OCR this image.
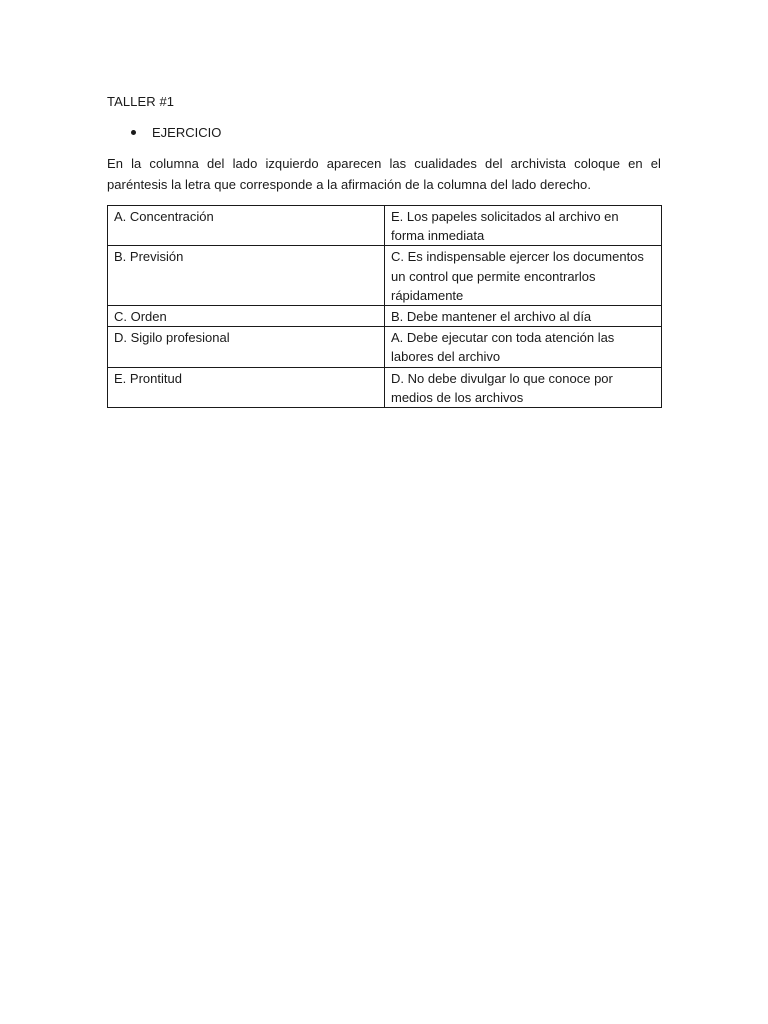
TALLER #1
EJERCICIO
En la columna del lado izquierdo aparecen las cualidades del archivista coloque en el paréntesis la letra que corresponde a la afirmación de la columna del lado derecho.
A. Concentración	E. Los papeles solicitados al archivo en forma inmediata
B. Previsión	C. Es indispensable ejercer los documentos un control que permite encontrarlos rápidamente
C. Orden	B. Debe mantener el archivo al día
D. Sigilo profesional	A. Debe ejecutar con toda atención las labores del archivo
E. Prontitud	D. No debe divulgar lo que conoce por medios de los archivos
